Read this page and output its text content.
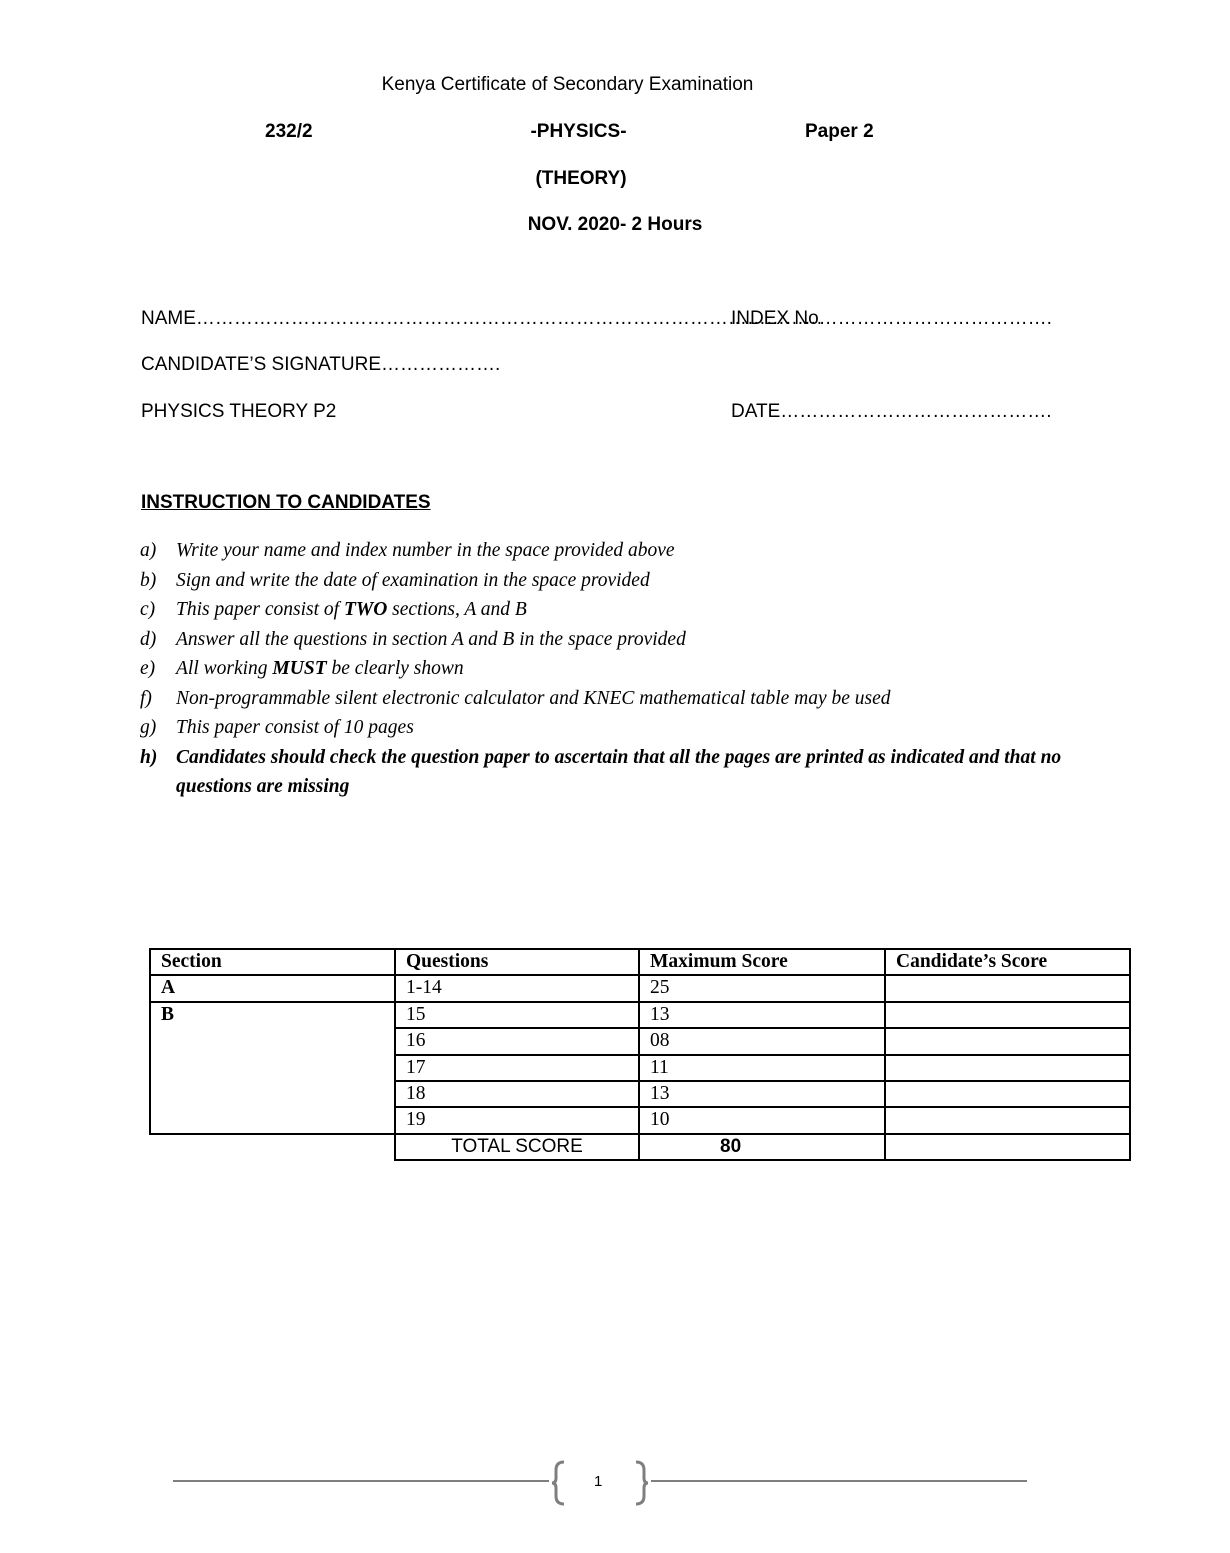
Kenya Certificate of Secondary Examination
232/2	-PHYSICS-	Paper 2
(THEORY)
NOV. 2020- 2 Hours
NAME………………………………………………………………………………………
INDEX No……………………………….
CANDIDATE’S SIGNATURE……………….
PHYSICS THEORY P2	DATE…………………………………….
INSTRUCTION TO CANDIDATES
a)	Write your name and index number in the space provided above
b)	Sign and write the date of examination in the space provided
c)	This paper consist of TWO sections, A and B
d)	Answer all the questions in section A and B in the space provided
e)	All working MUST be clearly shown
f)	Non-programmable silent electronic calculator and KNEC mathematical table may be used
g)	This paper consist of 10 pages
h) Candidates should check the question paper to ascertain that all the pages are printed as indicated and that no questions are missing
Section	Questions	Maximum Score	Candidate’s Score
A	1-14	25	
B	15	13	
	16	08	
	17	11	
	18	13	
	19	10	
	TOTAL SCORE	80	
1
